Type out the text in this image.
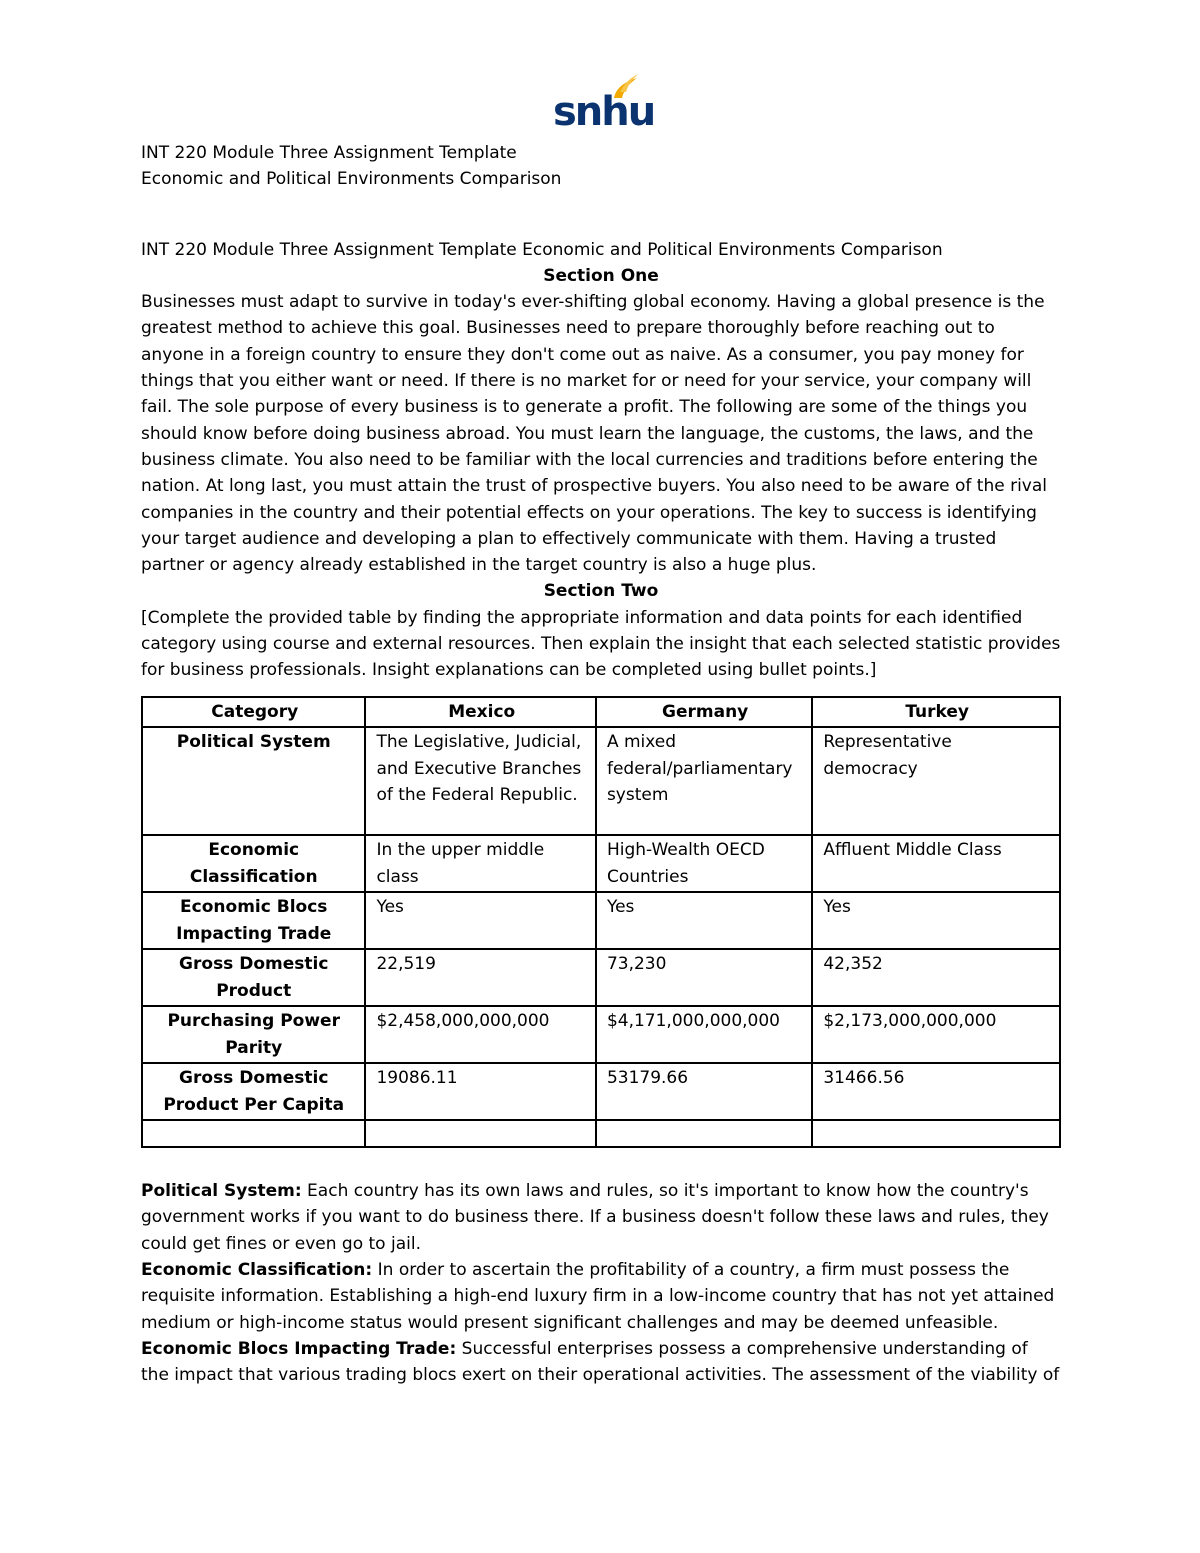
snhu

INT 220 Module Three Assignment Template

Economic and Political Environments Comparison

INT 220 Module Three Assignment Template Economic and Political Environments Comparison

Section One

Businesses must adapt to survive in today's ever-shifting global economy. Having a global presence is the greatest method to achieve this goal. Businesses need to prepare thoroughly before reaching out to anyone in a foreign country to ensure they don't come out as naive. As a consumer, you pay money for things that you either want or need. If there is no market for or need for your service, your company will fail. The sole purpose of every business is to generate a profit. The following are some of the things you should know before doing business abroad. You must learn the language, the customs, the laws, and the business climate. You also need to be familiar with the local currencies and traditions before entering the nation. At long last, you must attain the trust of prospective buyers. You also need to be aware of the rival companies in the country and their potential effects on your operations. The key to success is identifying your target audience and developing a plan to effectively communicate with them. Having a trusted partner or agency already established in the target country is also a huge plus.

Section Two

[Complete the provided table by finding the appropriate information and data points for each identified category using course and external resources. Then explain the insight that each selected statistic provides for business professionals. Insight explanations can be completed using bullet points.]

Category	Mexico	Germany	Turkey
Political System	The Legislative, Judicial, and Executive Branches of the Federal Republic.	A mixed federal/parliamentary system	Representative democracy
Economic Classification	In the upper middle class	High-Wealth OECD Countries	Affluent Middle Class
Economic Blocs Impacting Trade	Yes	Yes	Yes
Gross Domestic Product	22,519	73,230	42,352
Purchasing Power Parity	$2,458,000,000,000	$4,171,000,000,000	$2,173,000,000,000
Gross Domestic Product Per Capita	19086.11	53179.66	31466.56

Political System: Each country has its own laws and rules, so it's important to know how the country's government works if you want to do business there. If a business doesn't follow these laws and rules, they could get fines or even go to jail.

Economic Classification: In order to ascertain the profitability of a country, a firm must possess the requisite information. Establishing a high-end luxury firm in a low-income country that has not yet attained medium or high-income status would present significant challenges and may be deemed unfeasible.

Economic Blocs Impacting Trade: Successful enterprises possess a comprehensive understanding of the impact that various trading blocs exert on their operational activities. The assessment of the viability of
